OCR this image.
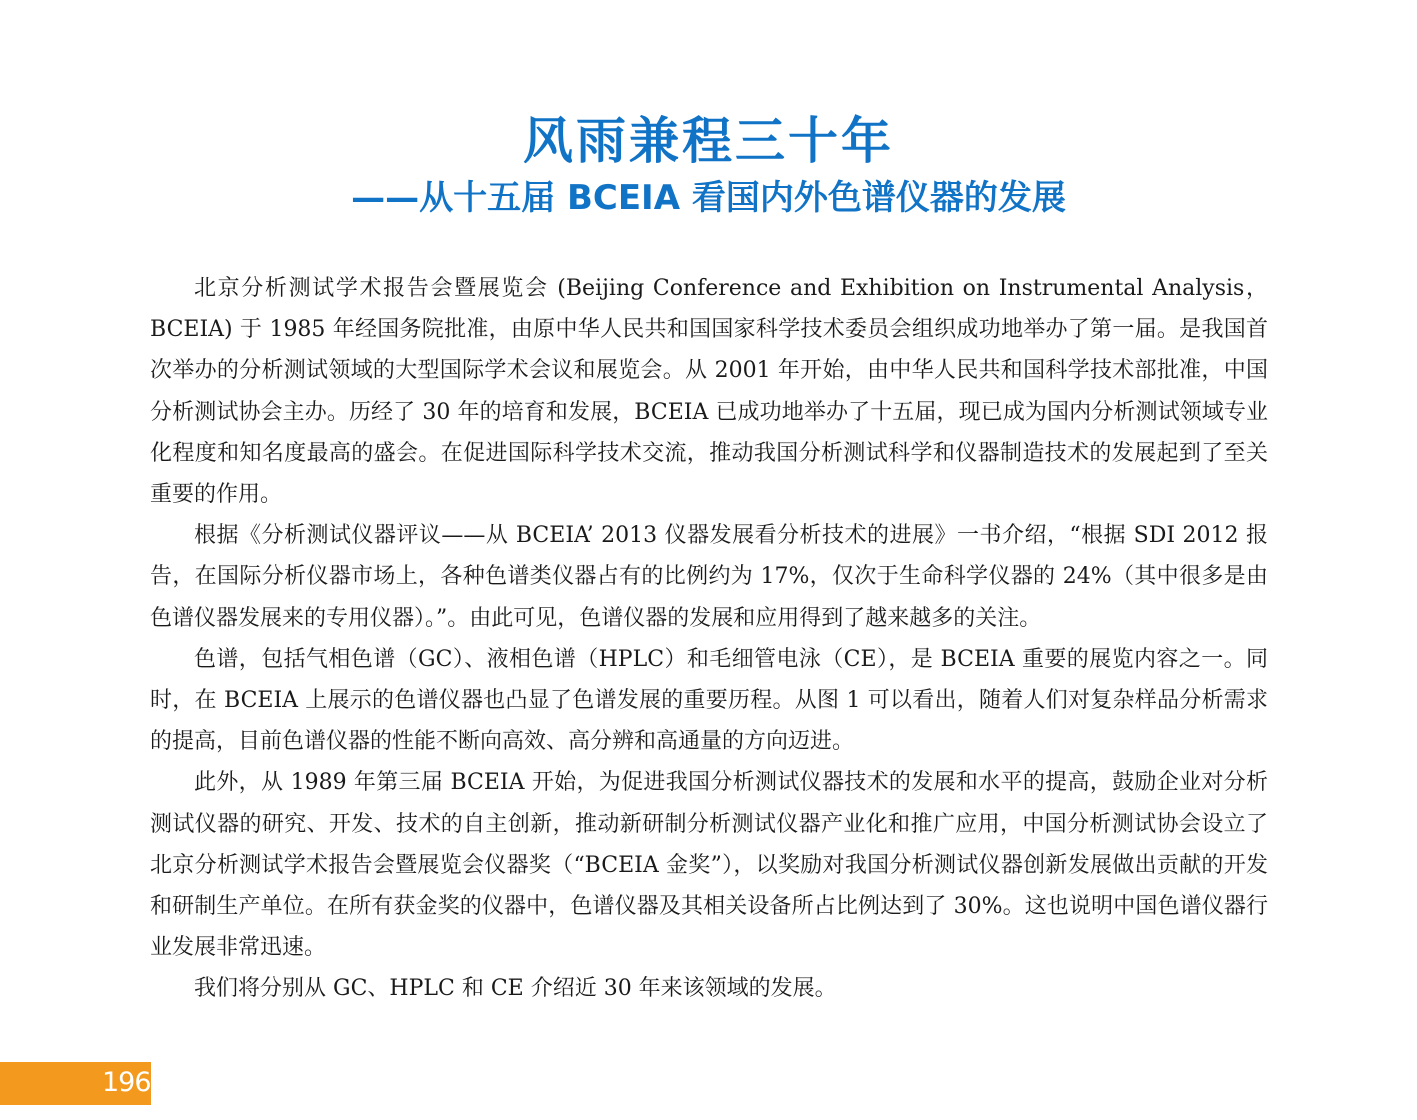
风雨兼程三十年
——从十五届 BCEIA 看国内外色谱仪器的发展

北京分析测试学术报告会暨展览会 (Beijing Conference and Exhibition on Instrumental Analysis，BCEIA) 于 1985 年经国务院批准，由原中华人民共和国国家科学技术委员会组织成功地举办了第一届。是我国首次举办的分析测试领域的大型国际学术会议和展览会。从 2001 年开始，由中华人民共和国科学技术部批准，中国分析测试协会主办。历经了 30 年的培育和发展，BCEIA 已成功地举办了十五届，现已成为国内分析测试领域专业化程度和知名度最高的盛会。在促进国际科学技术交流，推动我国分析测试科学和仪器制造技术的发展起到了至关重要的作用。

根据《分析测试仪器评议——从 BCEIA’ 2013 仪器发展看分析技术的进展》一书介绍，“根据 SDI 2012 报告，在国际分析仪器市场上，各种色谱类仪器占有的比例约为 17%，仅次于生命科学仪器的 24%（其中很多是由色谱仪器发展来的专用仪器）。”。由此可见，色谱仪器的发展和应用得到了越来越多的关注。

色谱，包括气相色谱（GC）、液相色谱（HPLC）和毛细管电泳（CE），是 BCEIA 重要的展览内容之一。同时，在 BCEIA 上展示的色谱仪器也凸显了色谱发展的重要历程。从图 1 可以看出，随着人们对复杂样品分析需求的提高，目前色谱仪器的性能不断向高效、高分辨和高通量的方向迈进。

此外，从 1989 年第三届 BCEIA 开始，为促进我国分析测试仪器技术的发展和水平的提高，鼓励企业对分析测试仪器的研究、开发、技术的自主创新，推动新研制分析测试仪器产业化和推广应用，中国分析测试协会设立了北京分析测试学术报告会暨展览会仪器奖（“BCEIA 金奖”），以奖励对我国分析测试仪器创新发展做出贡献的开发和研制生产单位。在所有获金奖的仪器中，色谱仪器及其相关设备所占比例达到了 30%。这也说明中国色谱仪器行业发展非常迅速。

我们将分别从 GC、HPLC 和 CE 介绍近 30 年来该领域的发展。

196
